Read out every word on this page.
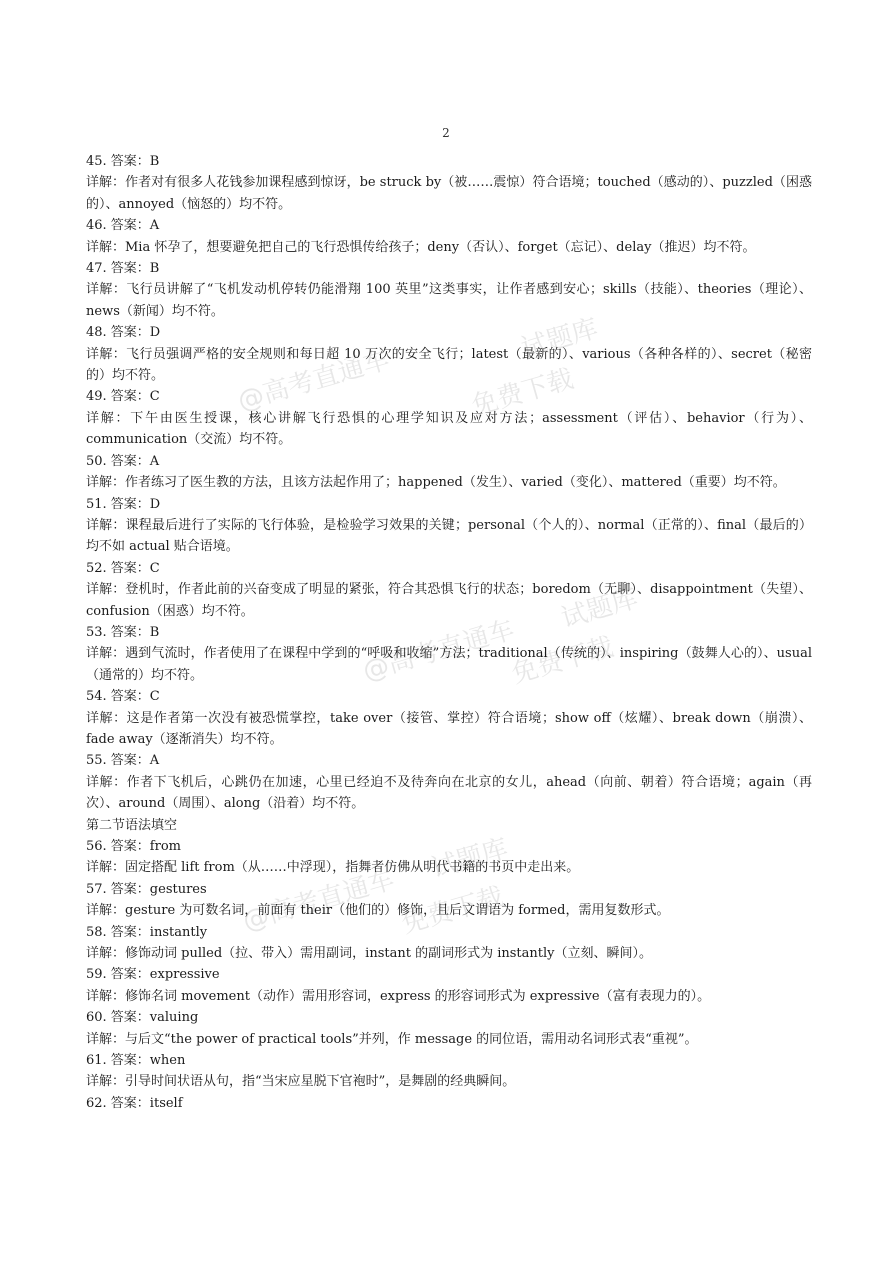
2
@高考直通车
试题库
免费下载
@高考直通车
试题库
免费下载
@高考直通车
试题库
免费下载

45. 答案：B

详解：作者对有很多人花钱参加课程感到惊讶，be struck by（被……震惊）符合语境；touched（感动的）、puzzled（困惑的）、annoyed（恼怒的）均不符。

46. 答案：A

详解：Mia 怀孕了，想要避免把自己的飞行恐惧传给孩子；deny（否认）、forget（忘记）、delay（推迟）均不符。

47. 答案：B

详解：飞行员讲解了“飞机发动机停转仍能滑翔 100 英里”这类事实，让作者感到安心；skills（技能）、theories（理论）、news（新闻）均不符。

48. 答案：D

详解：飞行员强调严格的安全规则和每日超 10 万次的安全飞行；latest（最新的）、various（各种各样的）、secret（秘密的）均不符。

49. 答案：C

详解：下午由医生授课，核心讲解飞行恐惧的心理学知识及应对方法；assessment（评估）、behavior（行为）、communication（交流）均不符。

50. 答案：A

详解：作者练习了医生教的方法，且该方法起作用了；happened（发生）、varied（变化）、mattered（重要）均不符。

51. 答案：D

详解：课程最后进行了实际的飞行体验，是检验学习效果的关键；personal（个人的）、normal（正常的）、final（最后的）均不如 actual 贴合语境。

52. 答案：C

详解：登机时，作者此前的兴奋变成了明显的紧张，符合其恐惧飞行的状态；boredom（无聊）、disappointment（失望）、confusion（困惑）均不符。

53. 答案：B

详解：遇到气流时，作者使用了在课程中学到的“呼吸和收缩”方法；traditional（传统的）、inspiring（鼓舞人心的）、usual（通常的）均不符。

54. 答案：C

详解：这是作者第一次没有被恐慌掌控，take over（接管、掌控）符合语境；show off（炫耀）、break down（崩溃）、fade away（逐渐消失）均不符。

55. 答案：A

详解：作者下飞机后，心跳仍在加速，心里已经迫不及待奔向在北京的女儿，ahead（向前、朝着）符合语境；again（再次）、around（周围）、along（沿着）均不符。

第二节语法填空

56. 答案：from

详解：固定搭配 lift from（从……中浮现），指舞者仿佛从明代书籍的书页中走出来。

57. 答案：gestures

详解：gesture 为可数名词，前面有 their（他们的）修饰，且后文谓语为 formed，需用复数形式。

58. 答案：instantly

详解：修饰动词 pulled（拉、带入）需用副词，instant 的副词形式为 instantly（立刻、瞬间）。

59. 答案：expressive

详解：修饰名词 movement（动作）需用形容词，express 的形容词形式为 expressive（富有表现力的）。

60. 答案：valuing

详解：与后文“the power of practical tools”并列，作 message 的同位语，需用动名词形式表“重视”。

61. 答案：when

详解：引导时间状语从句，指“当宋应星脱下官袍时”，是舞剧的经典瞬间。

62. 答案：itself
